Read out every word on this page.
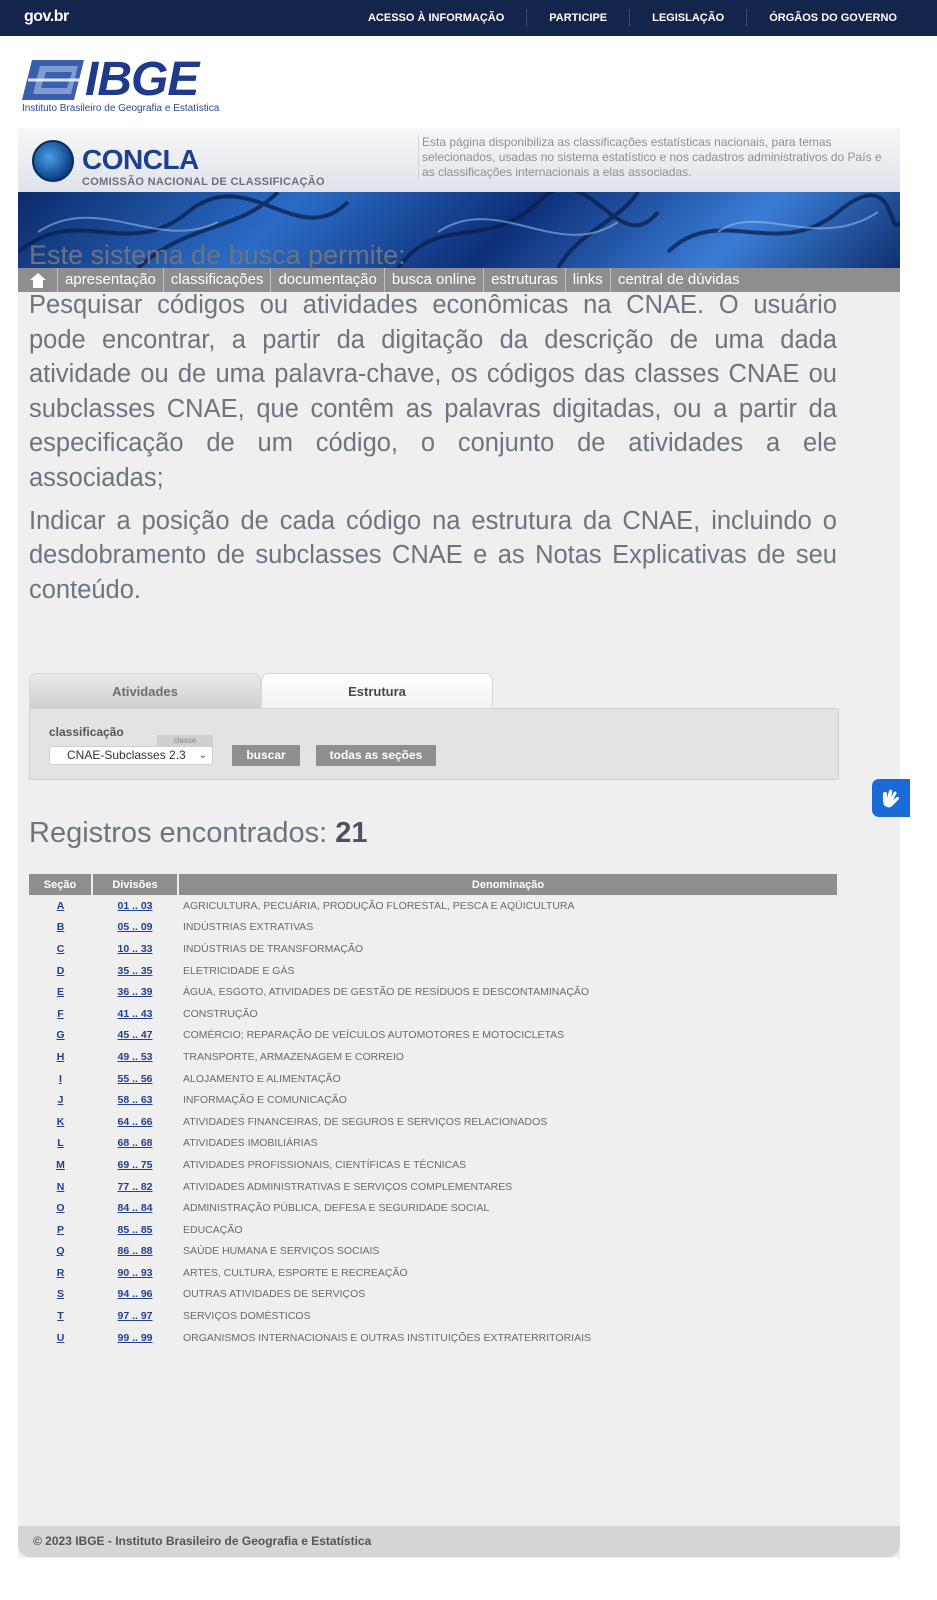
gov.br	ACESSO À INFORMAÇÃO	PARTICIPE	LEGISLAÇÃO	ÓRGÃOS DO GOVERNO
IBGE
Instituto Brasileiro de Geografia e Estatística
CONCLA
COMISSÃO NACIONAL DE CLASSIFICAÇÃO
Esta página disponibiliza as classificações estatísticas nacionais, para temas selecionados, usadas no sistema estatístico e nos cadastros administrativos do País e as classificações internacionais a elas associadas.
apresentação	classificações	documentação	busca online	estruturas	links	central de dúvidas
© 2023 IBGE - Instituto Brasileiro de Geografia e Estatística
Este sistema de busca permite:

Pesquisar códigos ou atividades econômicas na CNAE. O usuário pode encontrar, a partir da digitação da descrição de uma dada atividade ou de uma palavra-chave, os códigos das classes CNAE ou subclasses CNAE, que contêm as palavras digitadas, ou a partir da especificação de um código, o conjunto de atividades a ele associadas;

Indicar a posição de cada código na estrutura da CNAE, incluindo o desdobramento de subclasses CNAE e as Notas Explicativas de seu conteúdo.

Atividades	Estrutura
classificação
classe
CNAE-Subclasses 2.3 ⌄	buscar	todas as seções
Registros encontrados: 21
Seção	Divisões	Denominação
A	01 .. 03	AGRICULTURA, PECUÁRIA, PRODUÇÃO FLORESTAL, PESCA E AQÜICULTURA
B	05 .. 09	INDÚSTRIAS EXTRATIVAS
C	10 .. 33	INDÚSTRIAS DE TRANSFORMAÇÃO
D	35 .. 35	ELETRICIDADE E GÁS
E	36 .. 39	ÁGUA, ESGOTO, ATIVIDADES DE GESTÃO DE RESÍDUOS E DESCONTAMINAÇÃO
F	41 .. 43	CONSTRUÇÃO
G	45 .. 47	COMÉRCIO; REPARAÇÃO DE VEÍCULOS AUTOMOTORES E MOTOCICLETAS
H	49 .. 53	TRANSPORTE, ARMAZENAGEM E CORREIO
I	55 .. 56	ALOJAMENTO E ALIMENTAÇÃO
J	58 .. 63	INFORMAÇÃO E COMUNICAÇÃO
K	64 .. 66	ATIVIDADES FINANCEIRAS, DE SEGUROS E SERVIÇOS RELACIONADOS
L	68 .. 68	ATIVIDADES IMOBILIÁRIAS
M	69 .. 75	ATIVIDADES PROFISSIONAIS, CIENTÍFICAS E TÉCNICAS
N	77 .. 82	ATIVIDADES ADMINISTRATIVAS E SERVIÇOS COMPLEMENTARES
O	84 .. 84	ADMINISTRAÇÃO PÚBLICA, DEFESA E SEGURIDADE SOCIAL
P	85 .. 85	EDUCAÇÃO
Q	86 .. 88	SAÚDE HUMANA E SERVIÇOS SOCIAIS
R	90 .. 93	ARTES, CULTURA, ESPORTE E RECREAÇÃO
S	94 .. 96	OUTRAS ATIVIDADES DE SERVIÇOS
T	97 .. 97	SERVIÇOS DOMÉSTICOS
U	99 .. 99	ORGANISMOS INTERNACIONAIS E OUTRAS INSTITUIÇÕES EXTRATERRITORIAIS
